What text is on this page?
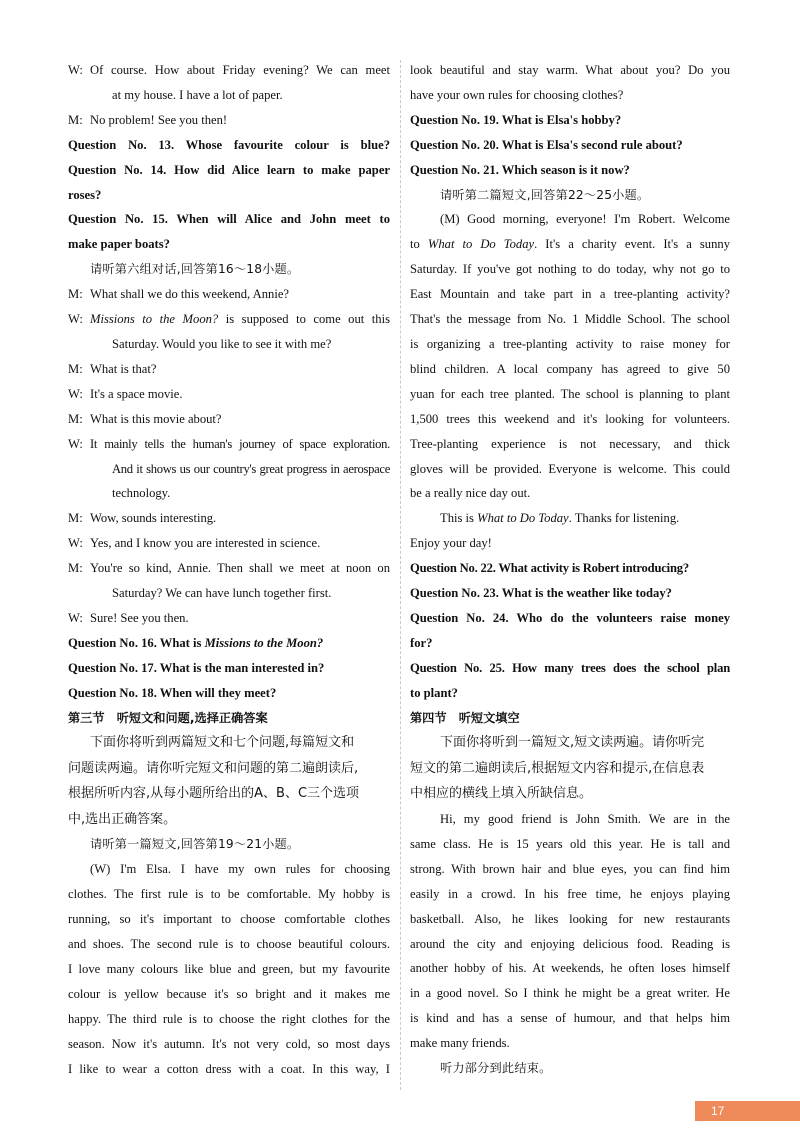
W: Of course. How about Friday evening? We can meet
at my house. I have a lot of paper.
M: No problem! See you then!
Question No. 13. Whose favourite colour is blue?
Question No. 14. How did Alice learn to make paper
roses?
Question No. 15. When will Alice and John meet to
make paper boats?
请听第六组对话,回答第16～18小题。
M: What shall we do this weekend, Annie?
W: Missions to the Moon? is supposed to come out this
Saturday. Would you like to see it with me?
M: What is that?
W: It's a space movie.
M: What is this movie about?
W: It mainly tells the human's journey of space exploration.
And it shows us our country's great progress in aerospace
technology.
M: Wow, sounds interesting.
W: Yes, and I know you are interested in science.
M: You're so kind, Annie. Then shall we meet at noon on
Saturday? We can have lunch together first.
W: Sure! See you then.
Question No. 16. What is Missions to the Moon?
Question No. 17. What is the man interested in?
Question No. 18. When will they meet?
第三节　听短文和问题,选择正确答案
下面你将听到两篇短文和七个问题,每篇短文和
问题读两遍。请你听完短文和问题的第二遍朗读后,
根据所听内容,从每小题所给出的A、B、C三个选项
中,选出正确答案。
请听第一篇短文,回答第19～21小题。
(W) I'm Elsa. I have my own rules for choosing
clothes. The first rule is to be comfortable. My hobby is
running, so it's important to choose comfortable clothes
and shoes. The second rule is to choose beautiful colours.
I love many colours like blue and green, but my favourite
colour is yellow because it's so bright and it makes me
happy. The third rule is to choose the right clothes for the
season. Now it's autumn. It's not very cold, so most days
I like to wear a cotton dress with a coat. In this way, I
look beautiful and stay warm. What about you? Do you
have your own rules for choosing clothes?
Question No. 19. What is Elsa's hobby?
Question No. 20. What is Elsa's second rule about?
Question No. 21. Which season is it now?
请听第二篇短文,回答第22～25小题。
(M) Good morning, everyone! I'm Robert. Welcome
to What to Do Today. It's a charity event. It's a sunny
Saturday. If you've got nothing to do today, why not go to
East Mountain and take part in a tree-planting activity?
That's the message from No. 1 Middle School. The school
is organizing a tree-planting activity to raise money for
blind children. A local company has agreed to give 50
yuan for each tree planted. The school is planning to plant
1,500 trees this weekend and it's looking for volunteers.
Tree-planting experience is not necessary, and thick
gloves will be provided. Everyone is welcome. This could
be a really nice day out.
This is What to Do Today. Thanks for listening.
Enjoy your day!
Question No. 22. What activity is Robert introducing?
Question No. 23. What is the weather like today?
Question No. 24. Who do the volunteers raise money
for?
Question No. 25. How many trees does the school plan
to plant?
第四节　听短文填空
下面你将听到一篇短文,短文读两遍。请你听完
短文的第二遍朗读后,根据短文内容和提示,在信息表
中相应的横线上填入所缺信息。
Hi, my good friend is John Smith. We are in the
same class. He is 15 years old this year. He is tall and
strong. With brown hair and blue eyes, you can find him
easily in a crowd. In his free time, he enjoys playing
basketball. Also, he likes looking for new restaurants
around the city and enjoying delicious food. Reading is
another hobby of his. At weekends, he often loses himself
in a good novel. So I think he might be a great writer. He
is kind and has a sense of humour, and that helps him
make many friends.
听力部分到此结束。
17
